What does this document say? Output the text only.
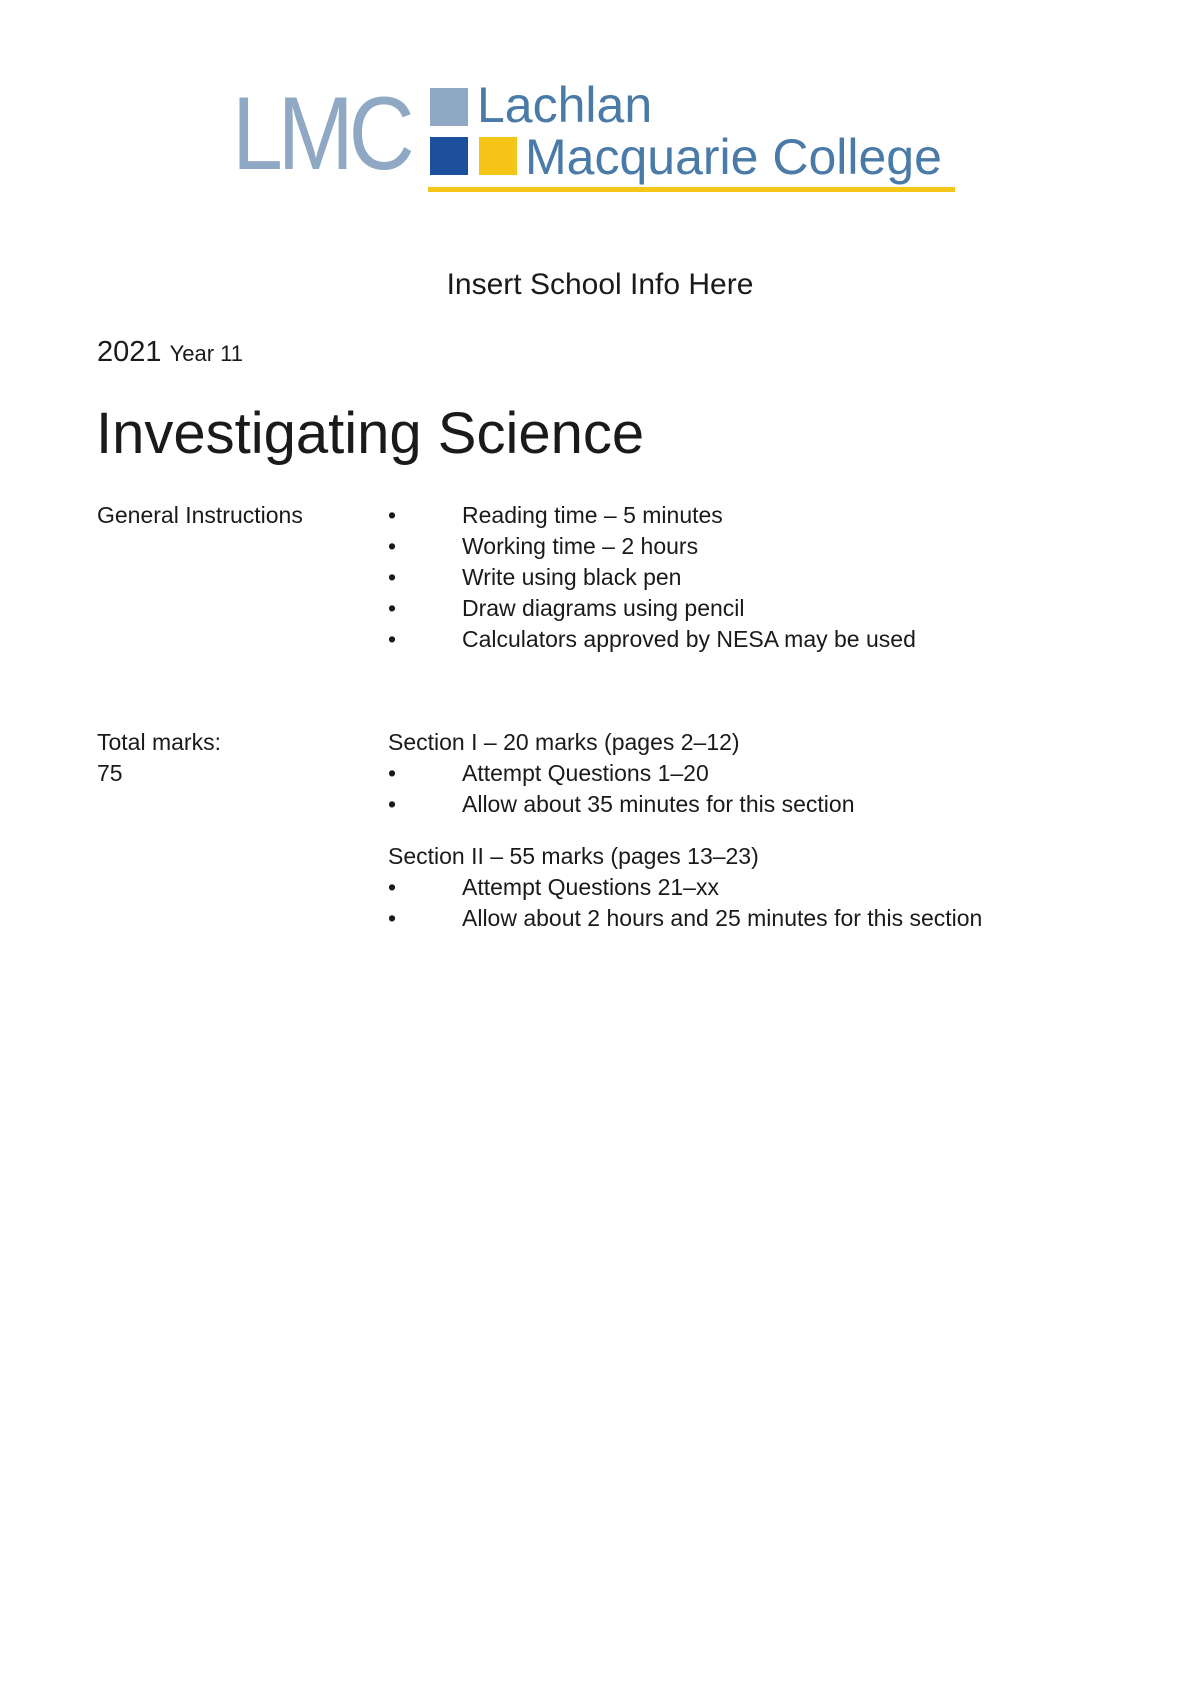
LMC Lachlan
Macquarie College
Insert School Info Here
2021 Year 11
Investigating Science
General Instructions	•	Reading time – 5 minutes
•	Working time – 2 hours
•	Write using black pen
•	Draw diagrams using pencil
•	Calculators approved by NESA may be used
Total marks:
75
Section I – 20 marks (pages 2–12)
•	Attempt Questions 1–20
•	Allow about 35 minutes for this section
Section II – 55 marks (pages 13–23)
•	Attempt Questions 21–xx
•	Allow about 2 hours and 25 minutes for this section
